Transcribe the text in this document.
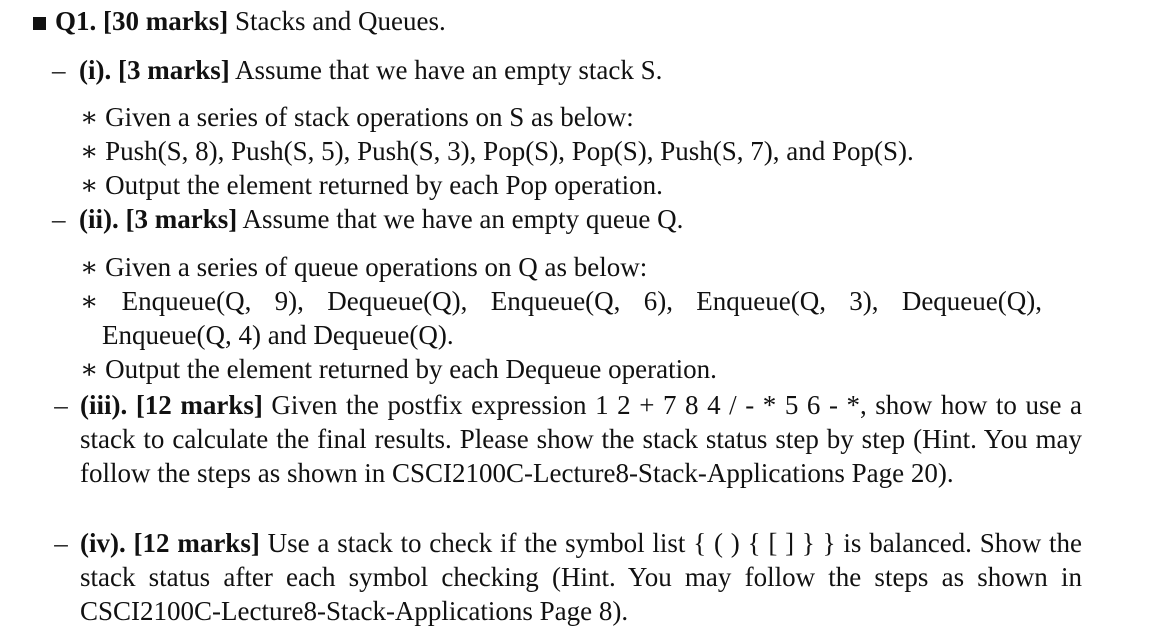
Q1. [30 marks] Stacks and Queues.
–  (i). [3 marks] Assume that we have an empty stack S.
∗ Given a series of stack operations on S as below:
∗ Push(S, 8), Push(S, 5), Push(S, 3), Pop(S), Pop(S), Push(S, 7), and Pop(S).
∗ Output the element returned by each Pop operation.
–  (ii). [3 marks] Assume that we have an empty queue Q.
∗ Given a series of queue operations on Q as below:
∗ Enqueue(Q, 9), Dequeue(Q), Enqueue(Q, 6), Enqueue(Q, 3), Dequeue(Q), Enqueue(Q, 4) and Dequeue(Q).
∗ Output the element returned by each Dequeue operation.
– (iii). [12 marks] Given the postfix expression 1 2 + 7 8 4 / - * 5 6 - *, show how to use a stack to calculate the final results. Please show the stack status step by step (Hint. You may follow the steps as shown in CSCI2100C-Lecture8-Stack-Applications Page 20).
– (iv). [12 marks] Use a stack to check if the symbol list { ( ) { [ ] } } is balanced. Show the stack status after each symbol checking (Hint. You may follow the steps as shown in CSCI2100C-Lecture8-Stack-Applications Page 8).
